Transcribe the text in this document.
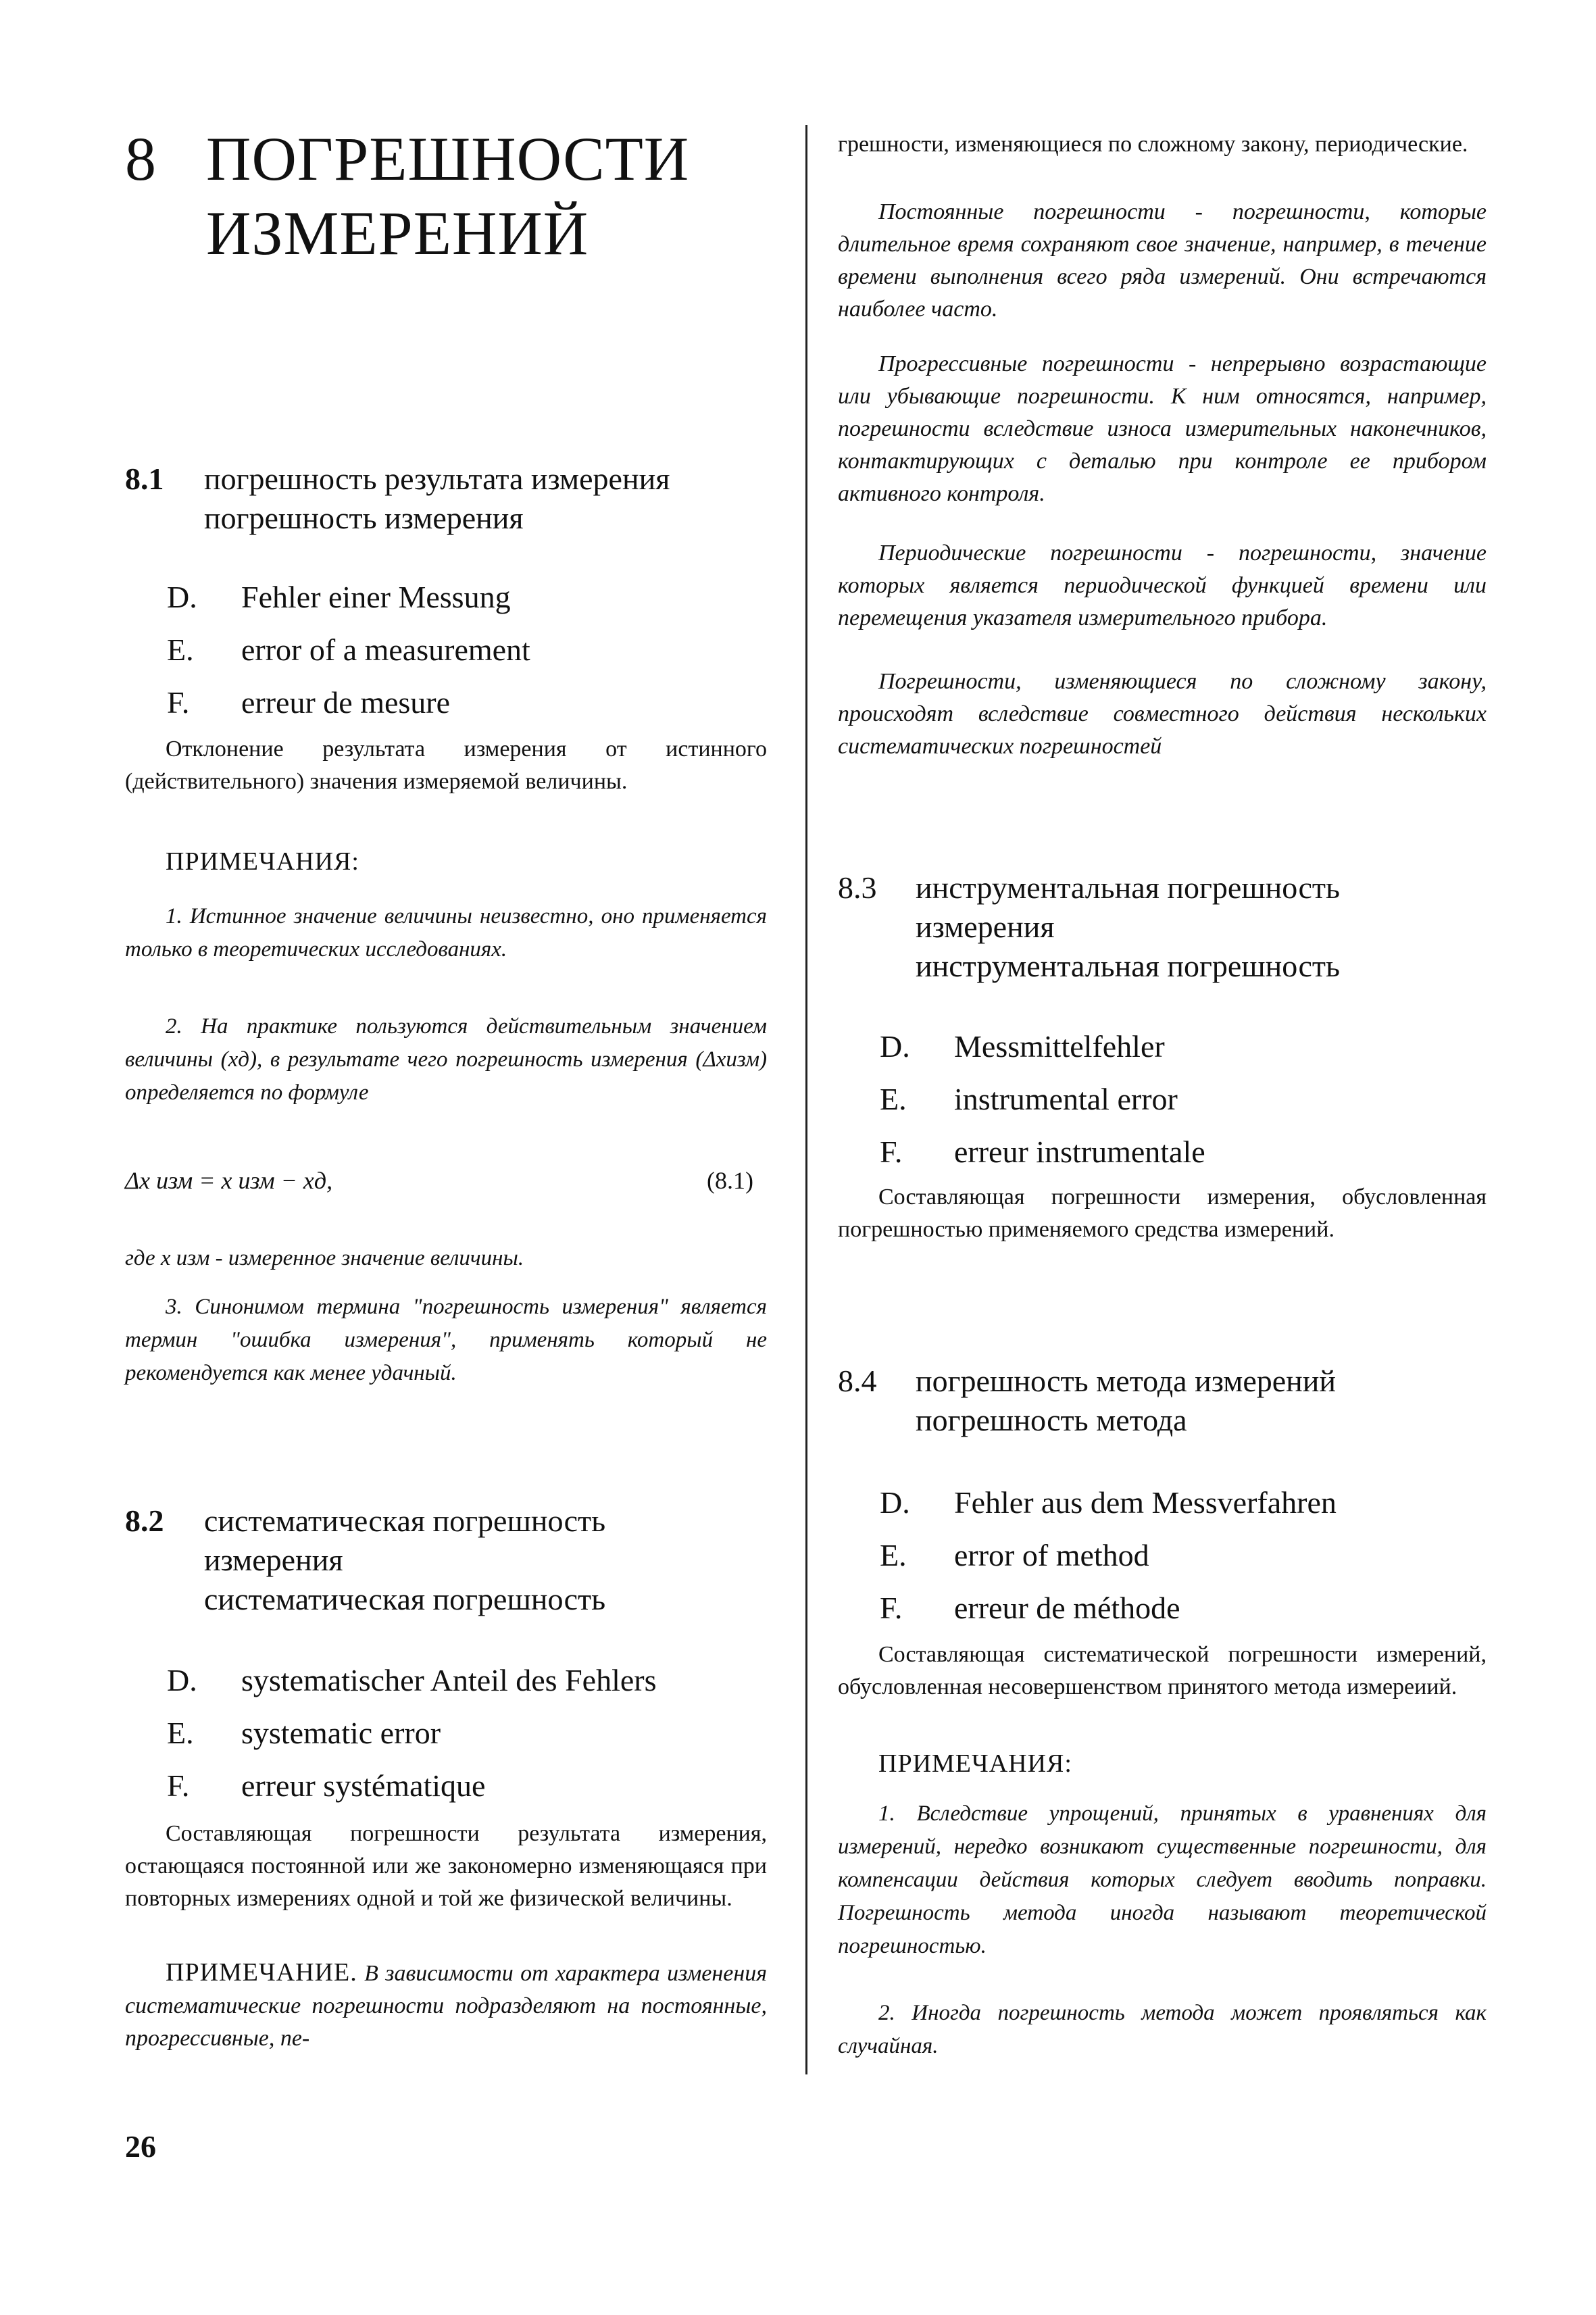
8 ПОГРЕШНОСТИ
ИЗМЕРЕНИЙ
8.1 погрешность результата измерения
погрешность измерения
D. Fehler einer Messung
E. error of a measurement
F. erreur de mesure

Отклонение результата измерения от истинного (действительного) значения измеряемой величины.

ПРИМЕЧАНИЯ:

1. Истинное значение величины неизвестно, оно применяется только в теоретических исследованиях.

2. На практике пользуются действительным значением величины (xд), в результате чего погрешность измерения (Δxизм) определяется по формуле

Δx изм = x изм − xд,	(8.1)
где x изм - измеренное значение величины.

3. Синонимом термина "погрешность измерения" является термин "ошибка измерения", применять который не рекомендуется как менее удачный.

8.2 систематическая погрешность
измерения
систематическая погрешность
D. systematischer Anteil des Fehlers
E. systematic error
F. erreur systématique

Составляющая погрешности результата измерения, остающаяся постоянной или же закономерно изменяющаяся при повторных измерениях одной и той же физической величины.

ПРИМЕЧАНИЕ. В зависимости от характера изменения систематические погрешности подразделяют на постоянные, прогрессивные, пе-

грешности, изменяющиеся по сложному закону, периодические.

Постоянные погрешности - погрешности, которые длительное время сохраняют свое значение, например, в течение времени выполнения всего ряда измерений. Они встречаются наиболее часто.

Прогрессивные погрешности - непрерывно возрастающие или убывающие погрешности. К ним относятся, например, погрешности вследствие износа измерительных наконечников, контактирующих с деталью при контроле ее прибором активного контроля.

Периодические погрешности - погрешности, значение которых является периодической функцией времени или перемещения указателя измерительного прибора.

Погрешности, изменяющиеся по сложному закону, происходят вследствие совместного действия нескольких систематических погрешностей

8.3 инструментальная погрешность
измерения
инструментальная погрешность
D. Messmittelfehler
E. instrumental error
F. erreur instrumentale

Составляющая погрешности измерения, обусловленная погрешностью применяемого средства измерений.

8.4 погрешность метода измерений
погрешность метода
D. Fehler aus dem Messverfahren
E. error of method
F. erreur de méthode

Составляющая систематической погрешности измерений, обусловленная несовершенством принятого метода измереиий.

ПРИМЕЧАНИЯ:

1. Вследствие упрощений, принятых в уравнениях для измерений, нередко возникают существенные погрешности, для компенсации действия которых следует вводить поправки. Погрешность метода иногда называют теоретической погрешностью.

2. Иногда погрешность метода может проявляться как случайная.

26
